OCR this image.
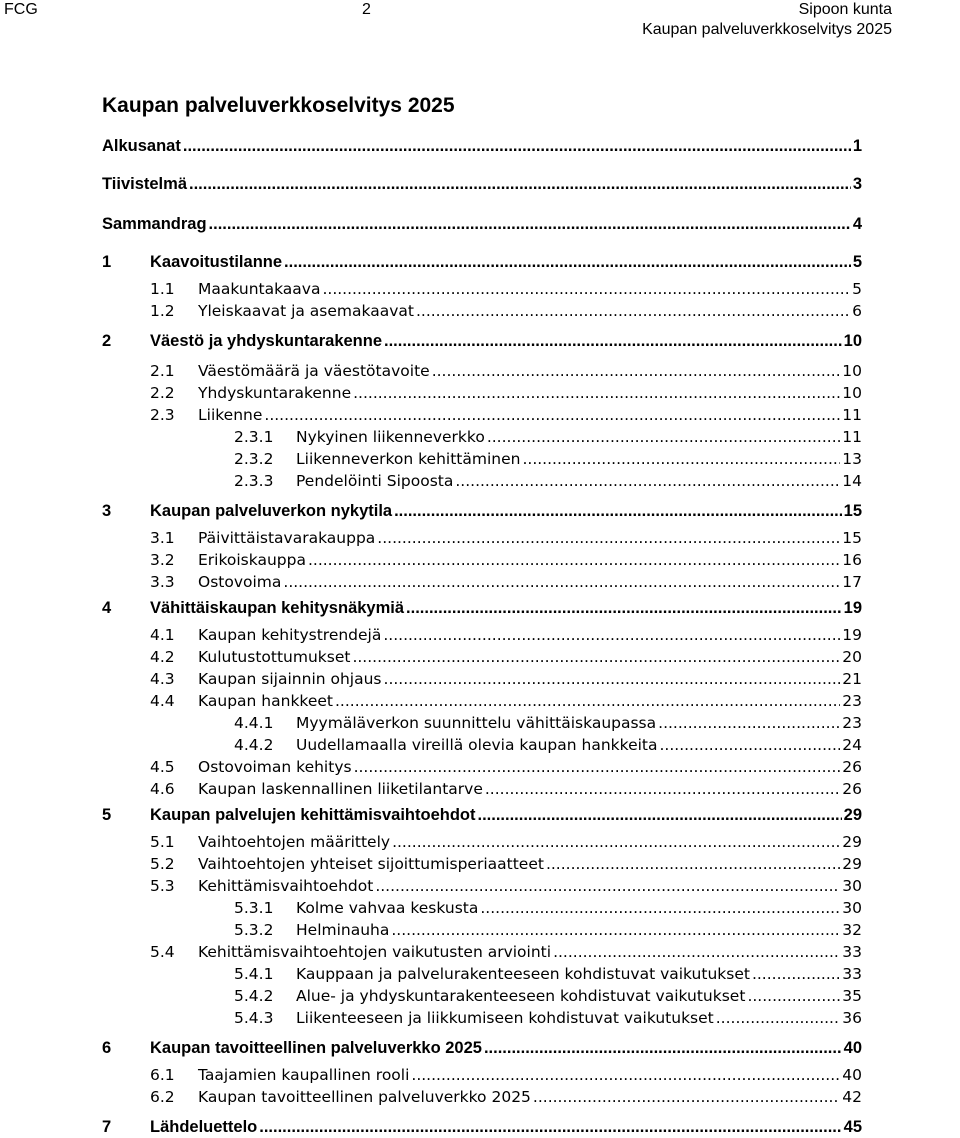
FCG	2	Sipoon kunta
Kaupan palveluverkkoselvitys 2025
Kaupan palveluverkkoselvitys 2025
Alkusanat .....	1
Tiivistelmä .....	3
Sammandrag .....	4
1 Kaavoitustilanne .....	5
1.1 Maakuntakaava .....	5
1.2 Yleiskaavat ja asemakaavat .....	6
2 Väestö ja yhdyskuntarakenne .....	10
2.1 Väestömäärä ja väestötavoite .....	10
2.2 Yhdyskuntarakenne .....	10
2.3 Liikenne .....	11
2.3.1 Nykyinen liikenneverkko .....	11
2.3.2 Liikenneverkon kehittäminen .....	13
2.3.3 Pendelöinti Sipoosta .....	14
3 Kaupan palveluverkon nykytila .....	15
3.1 Päivittäistavarakauppa .....	15
3.2 Erikoiskauppa .....	16
3.3 Ostovoima .....	17
4 Vähittäiskaupan kehitysnäkymiä .....	19
4.1 Kaupan kehitystrendejä .....	19
4.2 Kulutustottumukset .....	20
4.3 Kaupan sijainnin ohjaus .....	21
4.4 Kaupan hankkeet .....	23
4.4.1 Myymäläverkon suunnittelu vähittäiskaupassa .....	23
4.4.2 Uudellamaalla vireillä olevia kaupan hankkeita .....	24
4.5 Ostovoiman kehitys .....	26
4.6 Kaupan laskennallinen liiketilantarve .....	26
5 Kaupan palvelujen kehittämisvaihtoehdot .....	29
5.1 Vaihtoehtojen määrittely .....	29
5.2 Vaihtoehtojen yhteiset sijoittumisperiaatteet .....	29
5.3 Kehittämisvaihtoehdot .....	30
5.3.1 Kolme vahvaa keskusta .....	30
5.3.2 Helminauha .....	32
5.4 Kehittämisvaihtoehtojen vaikutusten arviointi .....	33
5.4.1 Kauppaan ja palvelurakenteeseen kohdistuvat vaikutukset .....	33
5.4.2 Alue- ja yhdyskuntarakenteeseen kohdistuvat vaikutukset .....	35
5.4.3 Liikenteeseen ja liikkumiseen kohdistuvat vaikutukset .....	36
6 Kaupan tavoitteellinen palveluverkko 2025 .....	40
6.1 Taajamien kaupallinen rooli .....	40
6.2 Kaupan tavoitteellinen palveluverkko 2025 .....	42
7 Lähdeluettelo .....	45
